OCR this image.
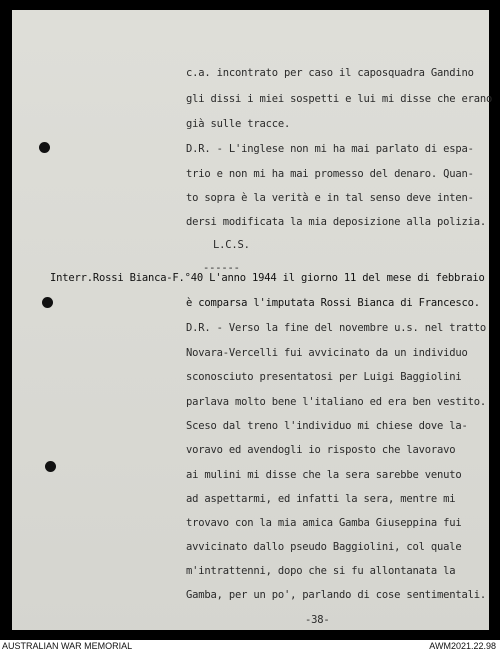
c.a. incontrato per caso il caposquadra Gandino
gli dissi i miei sospetti e lui mi disse che erano
già sulle tracce.
D.R. - L'inglese non mi ha mai parlato di espa-
trio e non mi ha mai promesso del denaro. Quan-
to sopra è la verità e in tal senso deve inten-
dersi modificata la mia deposizione alla polizia.
L.C.S.
------
Interr.Rossi Bianca-F.°40 L'anno 1944 il giorno 11 del mese di febbraio
è comparsa l'imputata Rossi Bianca di Francesco.
D.R. - Verso la fine del novembre u.s. nel tratto
Novara-Vercelli fui avvicinato da un individuo
sconosciuto presentatosi per Luigi Baggiolini
parlava molto bene l'italiano ed era ben vestito.
Sceso dal treno l'individuo mi chiese dove la-
voravo ed avendogli io risposto che lavoravo
ai mulini mi disse che la sera sarebbe venuto
ad aspettarmi, ed infatti la sera, mentre mi
trovavo con la mia amica Gamba Giuseppina fui
avvicinato dallo pseudo Baggiolini, col quale
m'intrattenni, dopo che si fu allontanata la
Gamba, per un po', parlando di cose sentimentali.
-38-
AUSTRALIAN WAR MEMORIAL	AWM2021.22.98
